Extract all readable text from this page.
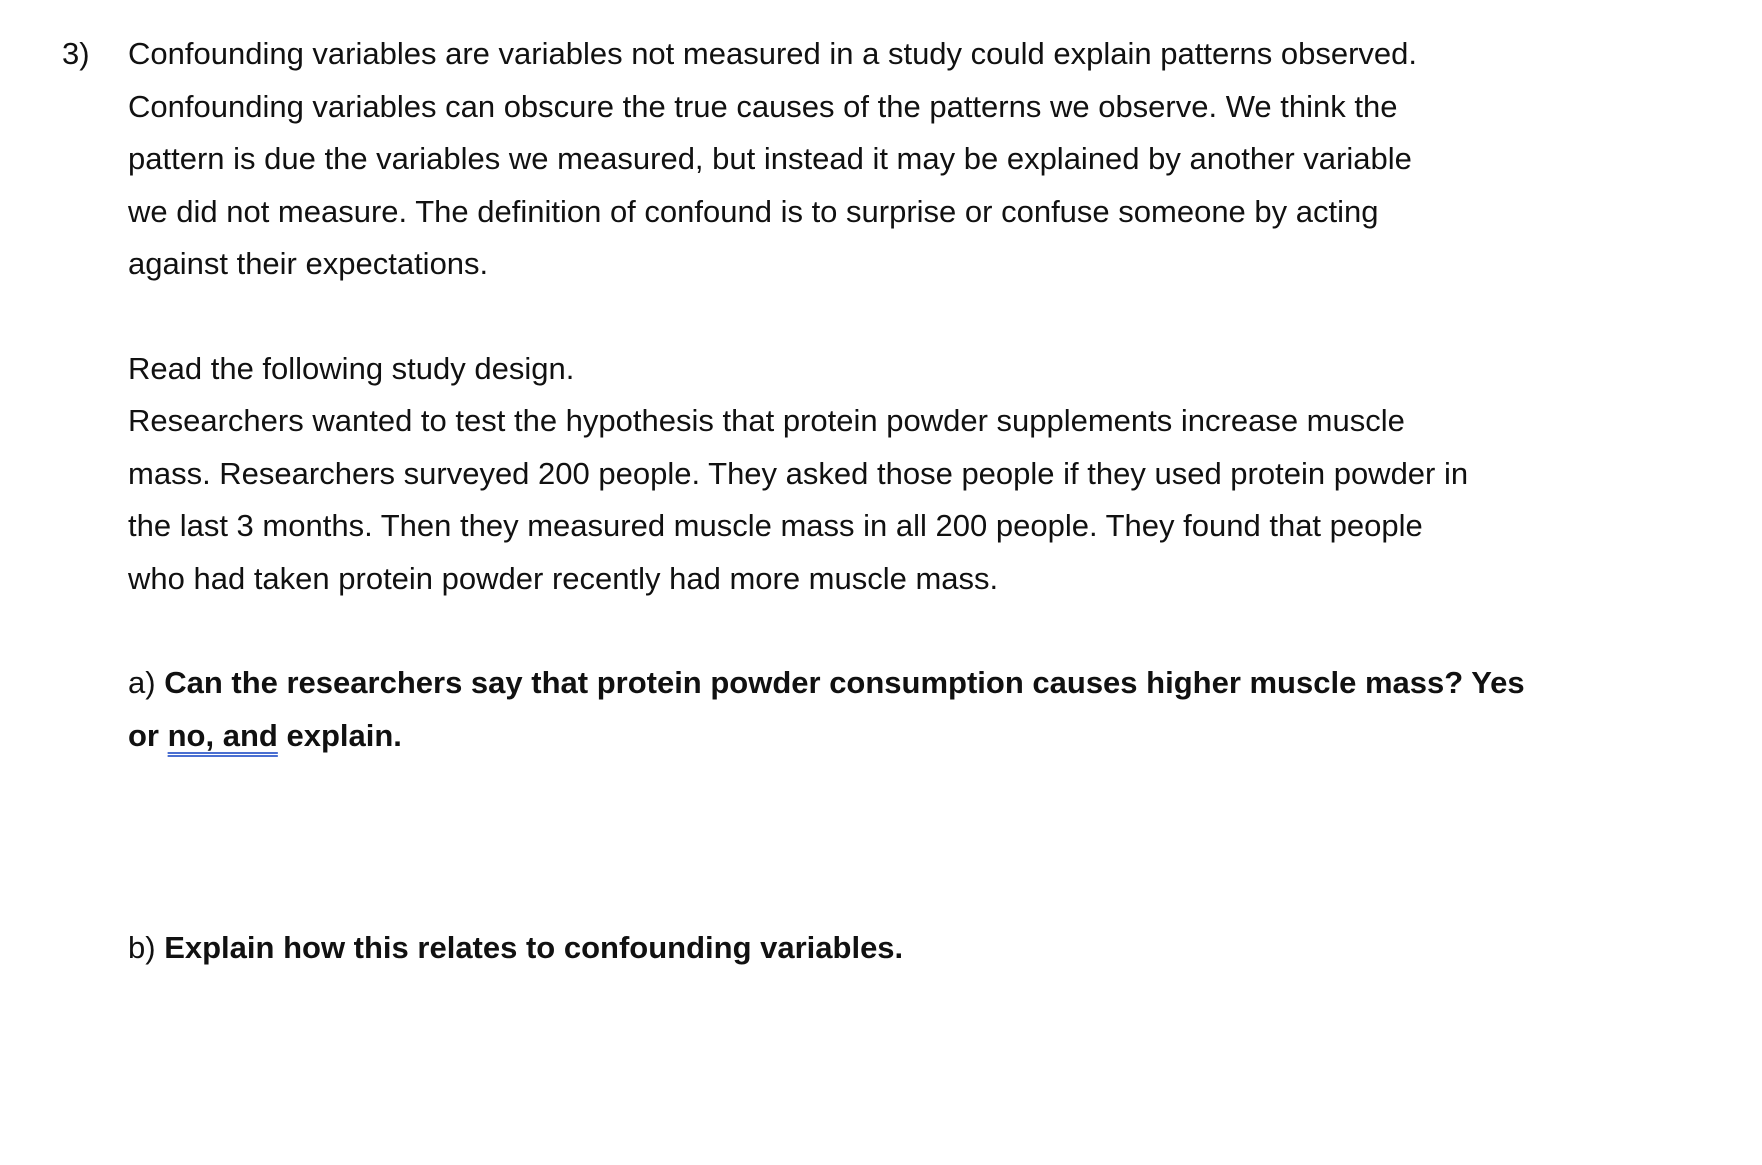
3) Confounding variables are variables not measured in a study could explain patterns observed.
Confounding variables can obscure the true causes of the patterns we observe. We think the
pattern is due the variables we measured, but instead it may be explained by another variable
we did not measure. The definition of confound is to surprise or confuse someone by acting
against their expectations.

Read the following study design.
Researchers wanted to test the hypothesis that protein powder supplements increase muscle
mass. Researchers surveyed 200 people. They asked those people if they used protein powder in
the last 3 months. Then they measured muscle mass in all 200 people. They found that people
who had taken protein powder recently had more muscle mass.

a) Can the researchers say that protein powder consumption causes higher muscle mass? Yes
or no, and explain.

b) Explain how this relates to confounding variables.
